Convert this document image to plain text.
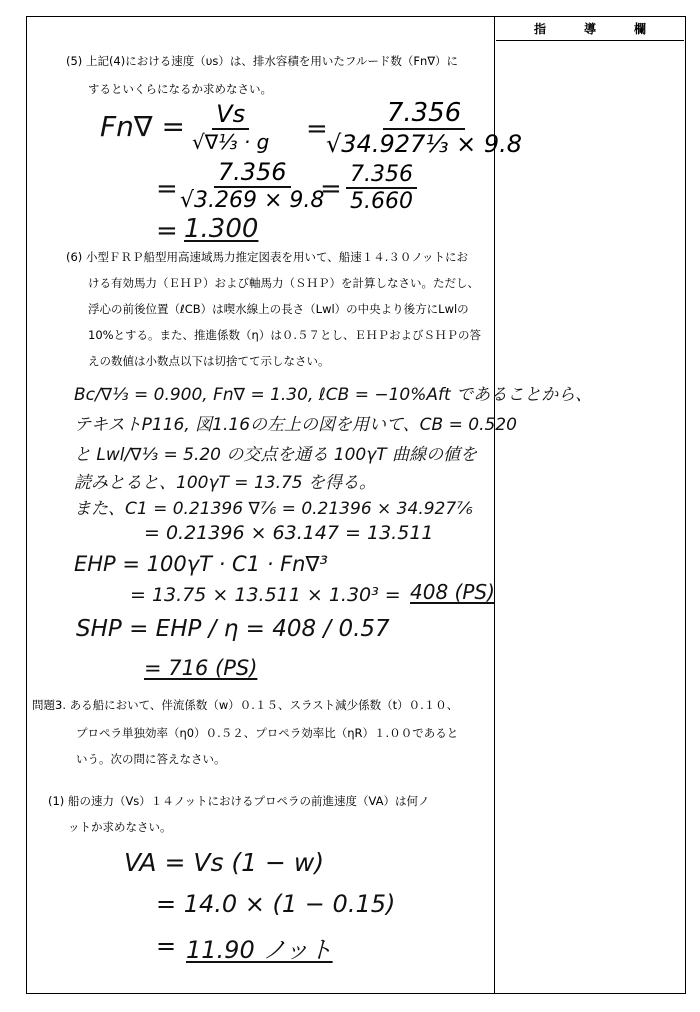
指導欄
(5) 上記(4)における速度（υs）は、排水容積を用いたフルード数（Fn∇）に
するといくらになるか求めなさい。
Fn∇ = Vs
√∇⅓ · g =
$\frac{7.356}{\text{√34.927⅓ × 9.8}}$
=
$\frac{7.356}{√3.269 \times 9.8}$
= $\frac{7.356}{5.660}$
= 1.300
(6) 小型ＦＲＰ船型用高速域馬力推定図表を用いて、船速１４.３０ノットにお
ける有効馬力（ＥＨＰ）および軸馬力（ＳＨＰ）を計算しなさい。ただし、
浮心の前後位置（ℓCB）は喫水線上の長さ（Lwl）の中央より後方にLwlの
10%とする。また、推進係数（η）は０.５７とし、ＥＨＰおよびＳＨＰの答
えの数値は小数点以下は切捨てて示しなさい。
Bc/∇⅓ = 0.900, Fn∇ = 1.30, ℓCB = −10%Aft であることから、
テキストP116, 図1.16の左上の図を用いて、CB = 0.520
と Lwl/∇⅓ = 5.20 の交点を通る 100γT 曲線の値を
読みとると、100γT = 13.75 を得る。
また、C1 = 0.21396 ∇⁷⁄₆ = 0.21396 × 34.927⁷⁄₆
= 0.21396 × 63.147 = 13.511
EHP = 100γT · C1 · Fn∇³
= 13.75 × 13.511 × 1.30³ = 408 (PS)
SHP = EHP / η = 408 / 0.57
= 716 (PS)
問題3. ある船において、伴流係数（w）０.１５、スラスト減少係数（t）０.１０、
プロペラ単独効率（η0）０.５２、プロペラ効率比（ηR）１.００であると
いう。次の問に答えなさい。
(1) 船の速力（Vs）１４ノットにおけるプロペラの前進速度（VA）は何ノ
ットか求めなさい。
VA = Vs (1 − w)
= 14.0 × (1 − 0.15)
= 11.90 ノット
